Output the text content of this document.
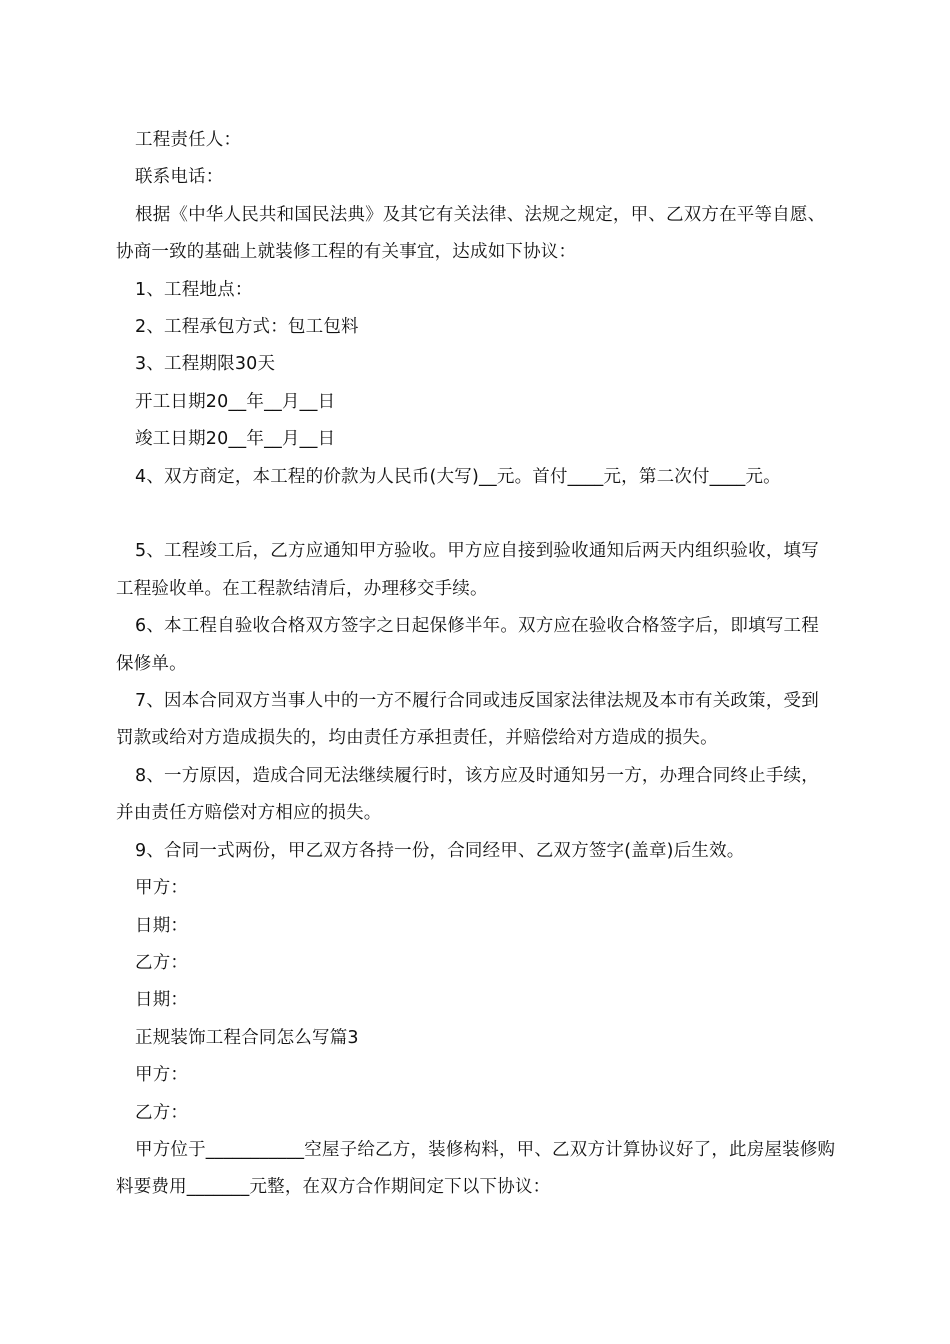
工程责任人：

联系电话：

根据《中华人民共和国民法典》及其它有关法律、法规之规定，甲、乙双方在平等自愿、协商一致的基础上就装修工程的有关事宜，达成如下协议：

1、工程地点：

2、工程承包方式：包工包料

3、工程期限30天

开工日期20__年__月__日

竣工日期20__年__月__日

4、双方商定，本工程的价款为人民币(大写)__元。首付____元，第二次付____元。

5、工程竣工后，乙方应通知甲方验收。甲方应自接到验收通知后两天内组织验收，填写工程验收单。在工程款结清后，办理移交手续。

6、本工程自验收合格双方签字之日起保修半年。双方应在验收合格签字后，即填写工程保修单。

7、因本合同双方当事人中的一方不履行合同或违反国家法律法规及本市有关政策，受到罚款或给对方造成损失的，均由责任方承担责任，并赔偿给对方造成的损失。

8、一方原因，造成合同无法继续履行时，该方应及时通知另一方，办理合同终止手续，并由责任方赔偿对方相应的损失。

9、合同一式两份，甲乙双方各持一份，合同经甲、乙双方签字(盖章)后生效。

甲方：

日期：

乙方：

日期：

正规装饰工程合同怎么写篇3

甲方：

乙方：

甲方位于___________空屋子给乙方，装修构料，甲、乙双方计算协议好了，此房屋装修购料要费用_______元整，在双方合作期间定下以下协议：
